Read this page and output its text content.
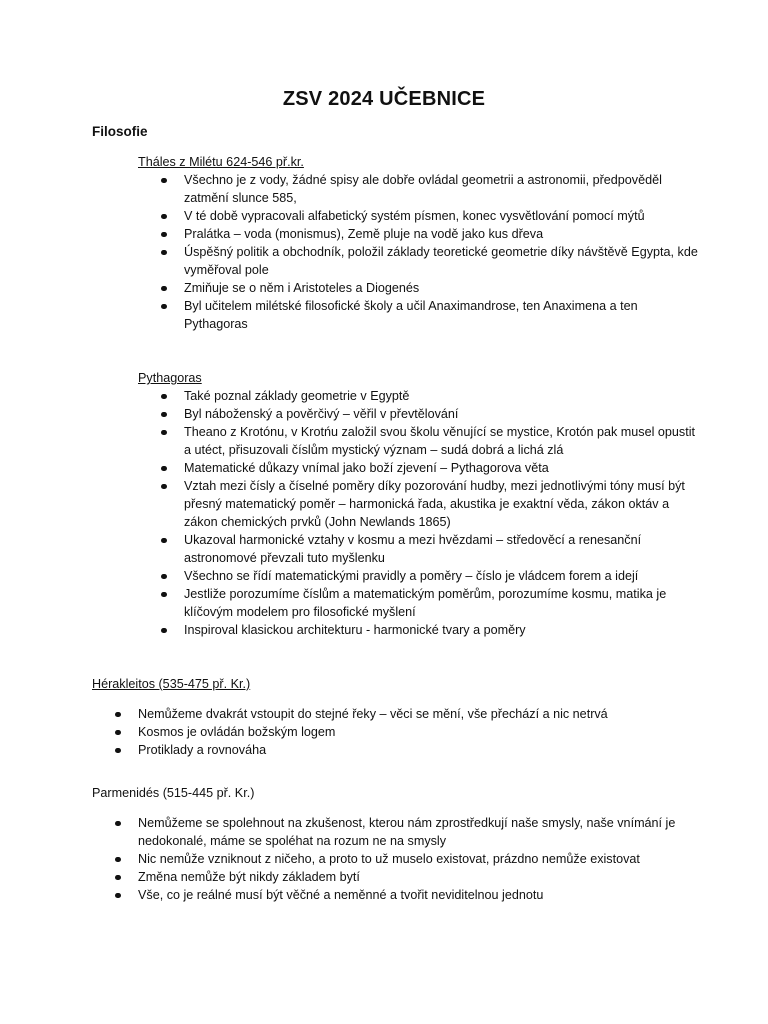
ZSV 2024 UČEBNICE
Filosofie

Tháles z Milétu 624-546 př.kr.

Všechno je z vody, žádné spisy ale dobře ovládal geometrii a astronomii, předpověděl zatmění slunce 585,
V té době vypracovali alfabetický systém písmen, konec vysvětlování pomocí mýtů
Pralátka – voda (monismus), Země pluje na vodě jako kus dřeva
Úspěšný politik a obchodník, položil základy teoretické geometrie díky návštěvě Egypta, kde vyměřoval pole
Zmiňuje se o něm i Aristoteles a Diogenés
Byl učitelem milétské filosofické školy a učil Anaximandrose, ten Anaximena a ten Pythagoras

Pythagoras

Také poznal základy geometrie v Egyptě
Byl náboženský a pověrčivý – věřil v převtělování
Theano z Krotónu, v Krotńu založil svou školu věnující se mystice, Krotón pak musel opustit a utéct, přisuzovali číslům mystický význam – sudá dobrá a lichá zlá
Matematické důkazy vnímal jako boží zjevení – Pythagorova věta
Vztah mezi čísly a číselné poměry díky pozorování hudby, mezi jednotlivými tóny musí být přesný matematický poměr – harmonická řada, akustika je exaktní věda, zákon oktáv a zákon chemických prvků (John Newlands 1865)
Ukazoval harmonické vztahy v kosmu a mezi hvězdami – středověcí a renesanční astronomové převzali tuto myšlenku
Všechno se řídí matematickými pravidly a poměry – číslo je vládcem forem a idejí
Jestliže porozumíme číslům a matematickým poměrům, porozumíme kosmu, matika je klíčovým modelem pro filosofické myšlení
Inspiroval klasickou architekturu - harmonické tvary a poměry

Hérakleitos (535-475 př. Kr.)

Nemůžeme dvakrát vstoupit do stejné řeky – věci se mění, vše přechází a nic netrvá
Kosmos je ovládán božským logem
Protiklady a rovnováha

Parmenidés (515-445 př. Kr.)

Nemůžeme se spolehnout na zkušenost, kterou nám zprostředkují naše smysly, naše vnímání je nedokonalé, máme se spoléhat na rozum ne na smysly
Nic nemůže vzniknout z ničeho, a proto to už muselo existovat, prázdno nemůže existovat
Změna nemůže být nikdy základem bytí
Vše, co je reálné musí být věčné a neměnné a tvořit neviditelnou jednotu
